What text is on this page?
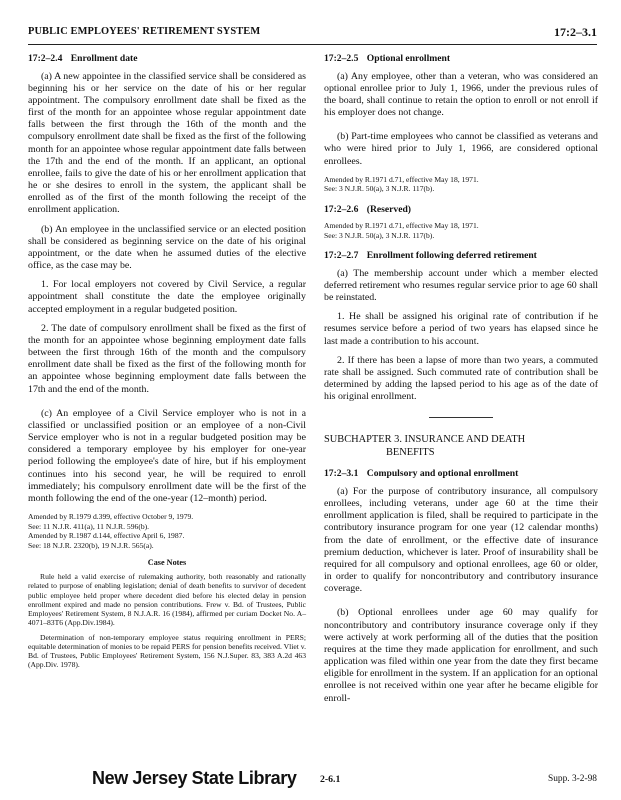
PUBLIC EMPLOYEES' RETIREMENT SYSTEM	17:2–3.1
17:2–2.4 Enrollment date

(a) A new appointee in the classified service shall be considered as beginning his or her service on the date of his or her regular appointment. The compulsory enrollment date shall be fixed as the first of the month for an appointee whose regular appointment date falls between the first through the 16th of the month and the compulsory enrollment date shall be fixed as the first of the following month for an appointee whose regular appointment date falls between the 17th and the end of the month. If an applicant, an optional enrollee, fails to give the date of his or her enrollment application that he or she desires to enroll in the system, the applicant shall be enrolled as of the first of the month following the receipt of the enrollment application.

(b) An employee in the unclassified service or an elected position shall be considered as beginning service on the date of his original appointment, or the date when he assumed duties of the elective office, as the case may be.

1. For local employers not covered by Civil Service, a regular appointment shall constitute the date the employee originally accepted employment in a regular budgeted position.

2. The date of compulsory enrollment shall be fixed as the first of the month for an appointee whose beginning employment date falls between the first through 16th of the month and the compulsory enrollment date shall be fixed as the first of the following month for an appointee whose beginning employment date falls between the 17th and the end of the month.

(c) An employee of a Civil Service employer who is not in a classified or unclassified position or an employee of a non-Civil Service employer who is not in a regular budgeted position may be considered a temporary employee by his employer for one-year period following the employee's date of hire, but if his employment continues into his second year, he will be required to enroll immediately; his compulsory enrollment date will be the first of the month following the end of the one-year (12–month) period.

Amended by R.1979 d.399, effective October 9, 1979.
See: 11 N.J.R. 411(a), 11 N.J.R. 596(b).
Amended by R.1987 d.144, effective April 6, 1987.
See: 18 N.J.R. 2320(b), 19 N.J.R. 565(a).
Case Notes

Rule held a valid exercise of rulemaking authority, both reasonably and rationally related to purpose of enabling legislation; denial of death benefits to survivor of decedent public employee held proper where decedent died before his elected delay in pension enrollment expired and made no pension contributions. Frew v. Bd. of Trustees, Public Employees' Retirement System, 8 N.J.A.R. 16 (1984), affirmed per curiam Docket No. A–4071–83T6 (App.Div.1984).

Determination of non-temporary employee status requiring enrollment in PERS; equitable determination of monies to be repaid PERS for pension benefits received. Vliet v. Bd. of Trustees, Public Employees' Retirement System, 156 N.J.Super. 83, 383 A.2d 463 (App.Div. 1978).

17:2–2.5 Optional enrollment

(a) Any employee, other than a veteran, who was considered an optional enrollee prior to July 1, 1966, under the previous rules of the board, shall continue to retain the option to enroll or not enroll if his employer does not change.

(b) Part-time employees who cannot be classified as veterans and who were hired prior to July 1, 1966, are considered optional enrollees.

Amended by R.1971 d.71, effective May 18, 1971.
See: 3 N.J.R. 50(a), 3 N.J.R. 117(b).
17:2–2.6 (Reserved)
Amended by R.1971 d.71, effective May 18, 1971.
See: 3 N.J.R. 50(a), 3 N.J.R. 117(b).
17:2–2.7 Enrollment following deferred retirement

(a) The membership account under which a member elected deferred retirement who resumes regular service prior to age 60 shall be reinstated.

1. He shall be assigned his original rate of contribution if he resumes service before a period of two years has elapsed since he last made a contribution to his account.

2. If there has been a lapse of more than two years, a commuted rate shall be assigned. Such commuted rate of contribution shall be determined by adding the lapsed period to his age as of the date of his original enrollment.

SUBCHAPTER 3. INSURANCE AND DEATH
BENEFITS
17:2–3.1 Compulsory and optional enrollment

(a) For the purpose of contributory insurance, all compulsory enrollees, including veterans, under age 60 at the time their enrollment application is filed, shall be required to participate in the contributory insurance program for one year (12 calendar months) from the date of enrollment, or the effective date of insurance premium deduction, whichever is later. Proof of insurability shall be required for all compulsory and optional enrollees, age 60 or older, in order to qualify for noncontributory and contributory insurance coverage.

(b) Optional enrollees under age 60 may qualify for noncontributory and contributory insurance coverage only if they were actively at work performing all of the duties that the position requires at the time they made application for enrollment, and such application was filed within one year from the date they first became eligible for enrollment in the system. If an application for an optional enrollee is not received within one year after he became eligible for enroll-

New Jersey State Library 2-6.1	Supp. 3-2-98
